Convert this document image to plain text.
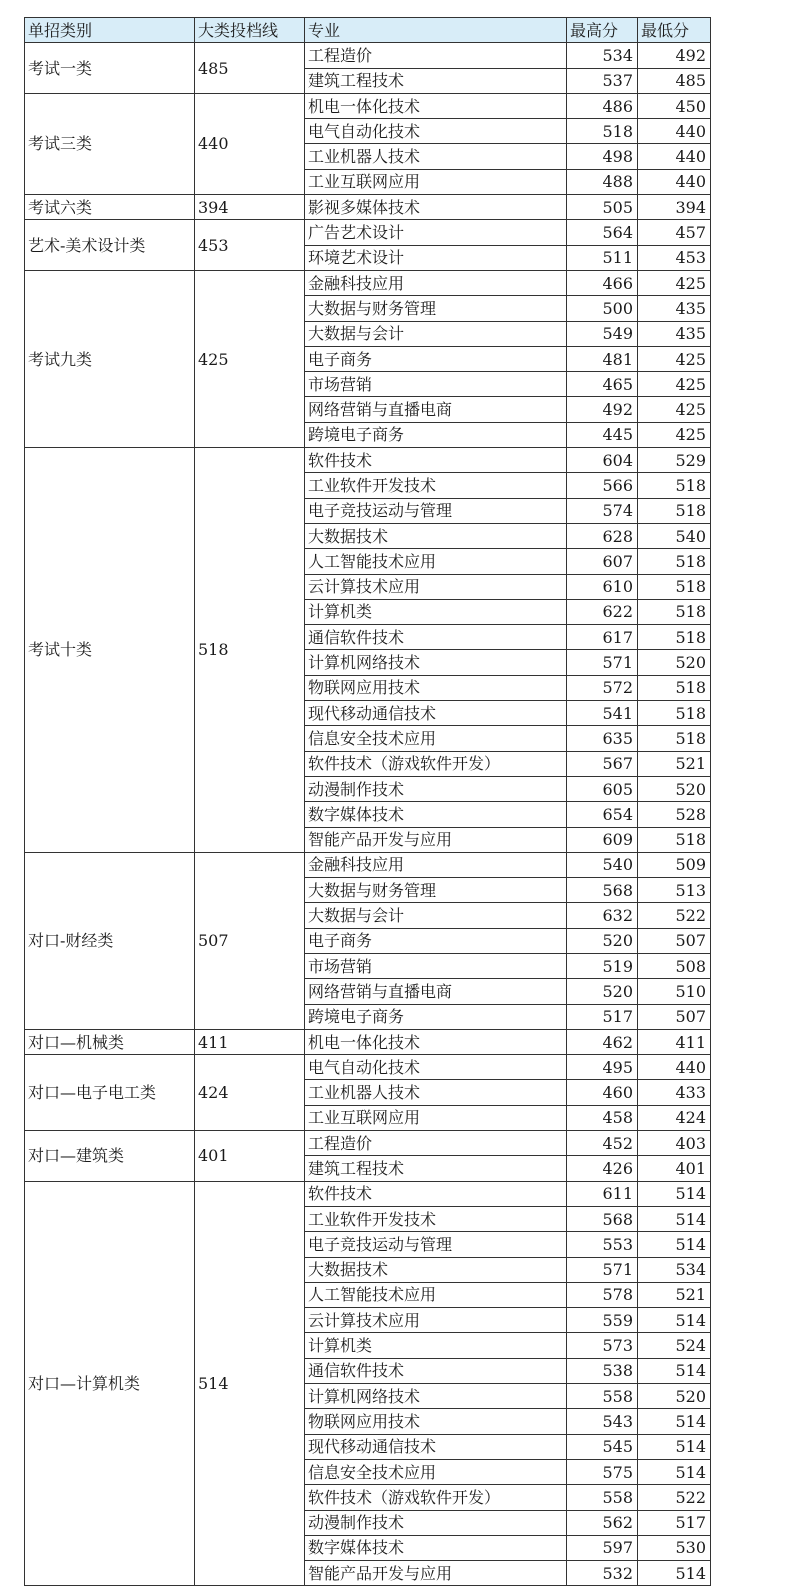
单招类别	大类投档线	专业	最高分	最低分
考试一类	485	工程造价	534	492
		建筑工程技术	537	485
考试三类	440	机电一体化技术	486	450
		电气自动化技术	518	440
		工业机器人技术	498	440
		工业互联网应用	488	440
考试六类	394	影视多媒体技术	505	394
艺术-美术设计类	453	广告艺术设计	564	457
		环境艺术设计	511	453
考试九类	425	金融科技应用	466	425
		大数据与财务管理	500	435
		大数据与会计	549	435
		电子商务	481	425
		市场营销	465	425
		网络营销与直播电商	492	425
		跨境电子商务	445	425
考试十类	518	软件技术	604	529
		工业软件开发技术	566	518
		电子竞技运动与管理	574	518
		大数据技术	628	540
		人工智能技术应用	607	518
		云计算技术应用	610	518
		计算机类	622	518
		通信软件技术	617	518
		计算机网络技术	571	520
		物联网应用技术	572	518
		现代移动通信技术	541	518
		信息安全技术应用	635	518
		软件技术（游戏软件开发）	567	521
		动漫制作技术	605	520
		数字媒体技术	654	528
		智能产品开发与应用	609	518
对口-财经类	507	金融科技应用	540	509
		大数据与财务管理	568	513
		大数据与会计	632	522
		电子商务	520	507
		市场营销	519	508
		网络营销与直播电商	520	510
		跨境电子商务	517	507
对口—机械类	411	机电一体化技术	462	411
对口—电子电工类	424	电气自动化技术	495	440
		工业机器人技术	460	433
		工业互联网应用	458	424
对口—建筑类	401	工程造价	452	403
		建筑工程技术	426	401
对口—计算机类	514	软件技术	611	514
		工业软件开发技术	568	514
		电子竞技运动与管理	553	514
		大数据技术	571	534
		人工智能技术应用	578	521
		云计算技术应用	559	514
		计算机类	573	524
		通信软件技术	538	514
		计算机网络技术	558	520
		物联网应用技术	543	514
		现代移动通信技术	545	514
		信息安全技术应用	575	514
		软件技术（游戏软件开发）	558	522
		动漫制作技术	562	517
		数字媒体技术	597	530
		智能产品开发与应用	532	514
